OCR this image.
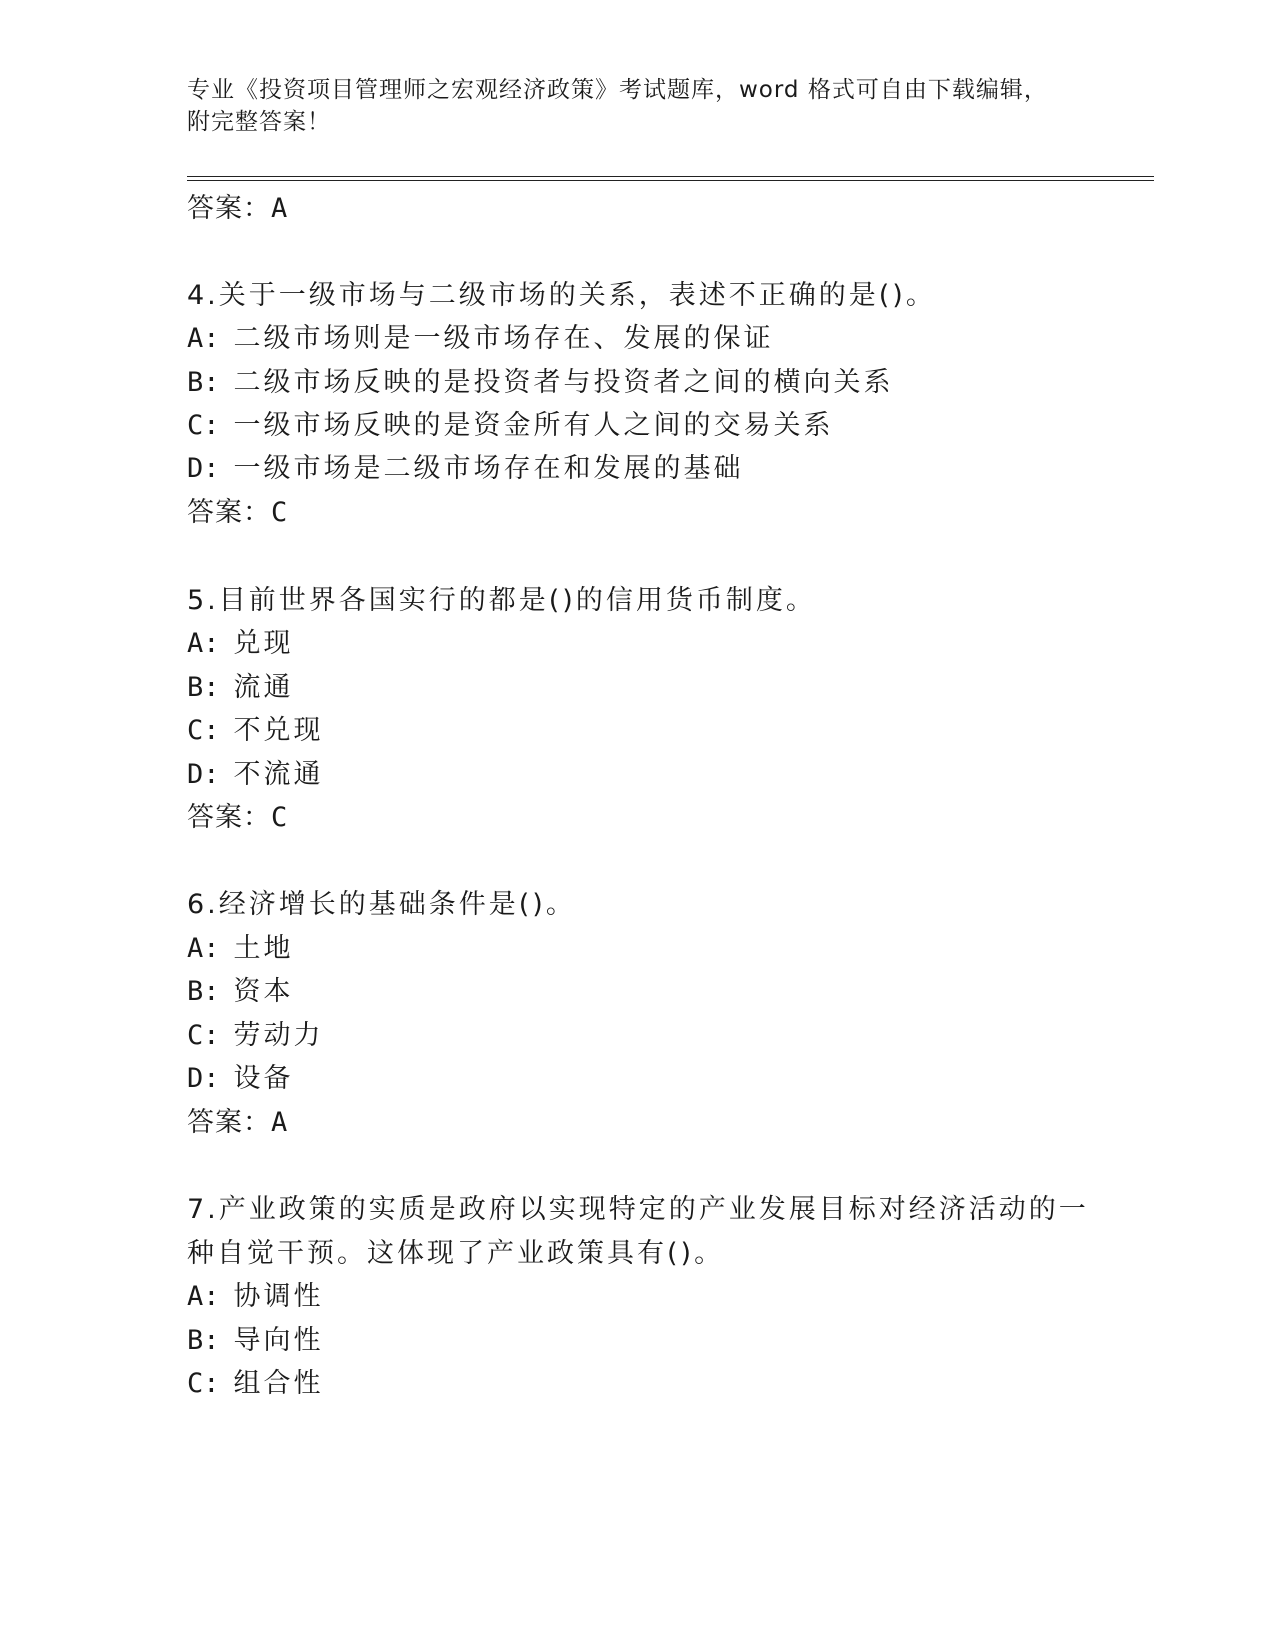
专业《投资项目管理师之宏观经济政策》考试题库，word 格式可自由下载编辑，
附完整答案！
答案：A
4.关于一级市场与二级市场的关系，表述不正确的是()。
A: 二级市场则是一级市场存在、发展的保证
B: 二级市场反映的是投资者与投资者之间的横向关系
C: 一级市场反映的是资金所有人之间的交易关系
D: 一级市场是二级市场存在和发展的基础
答案：C
5.目前世界各国实行的都是()的信用货币制度。
A: 兑现
B: 流通
C: 不兑现
D: 不流通
答案：C
6.经济增长的基础条件是()。
A: 土地
B: 资本
C: 劳动力
D: 设备
答案：A
7.产业政策的实质是政府以实现特定的产业发展目标对经济活动的一
种自觉干预。这体现了产业政策具有()。
A: 协调性
B: 导向性
C: 组合性
